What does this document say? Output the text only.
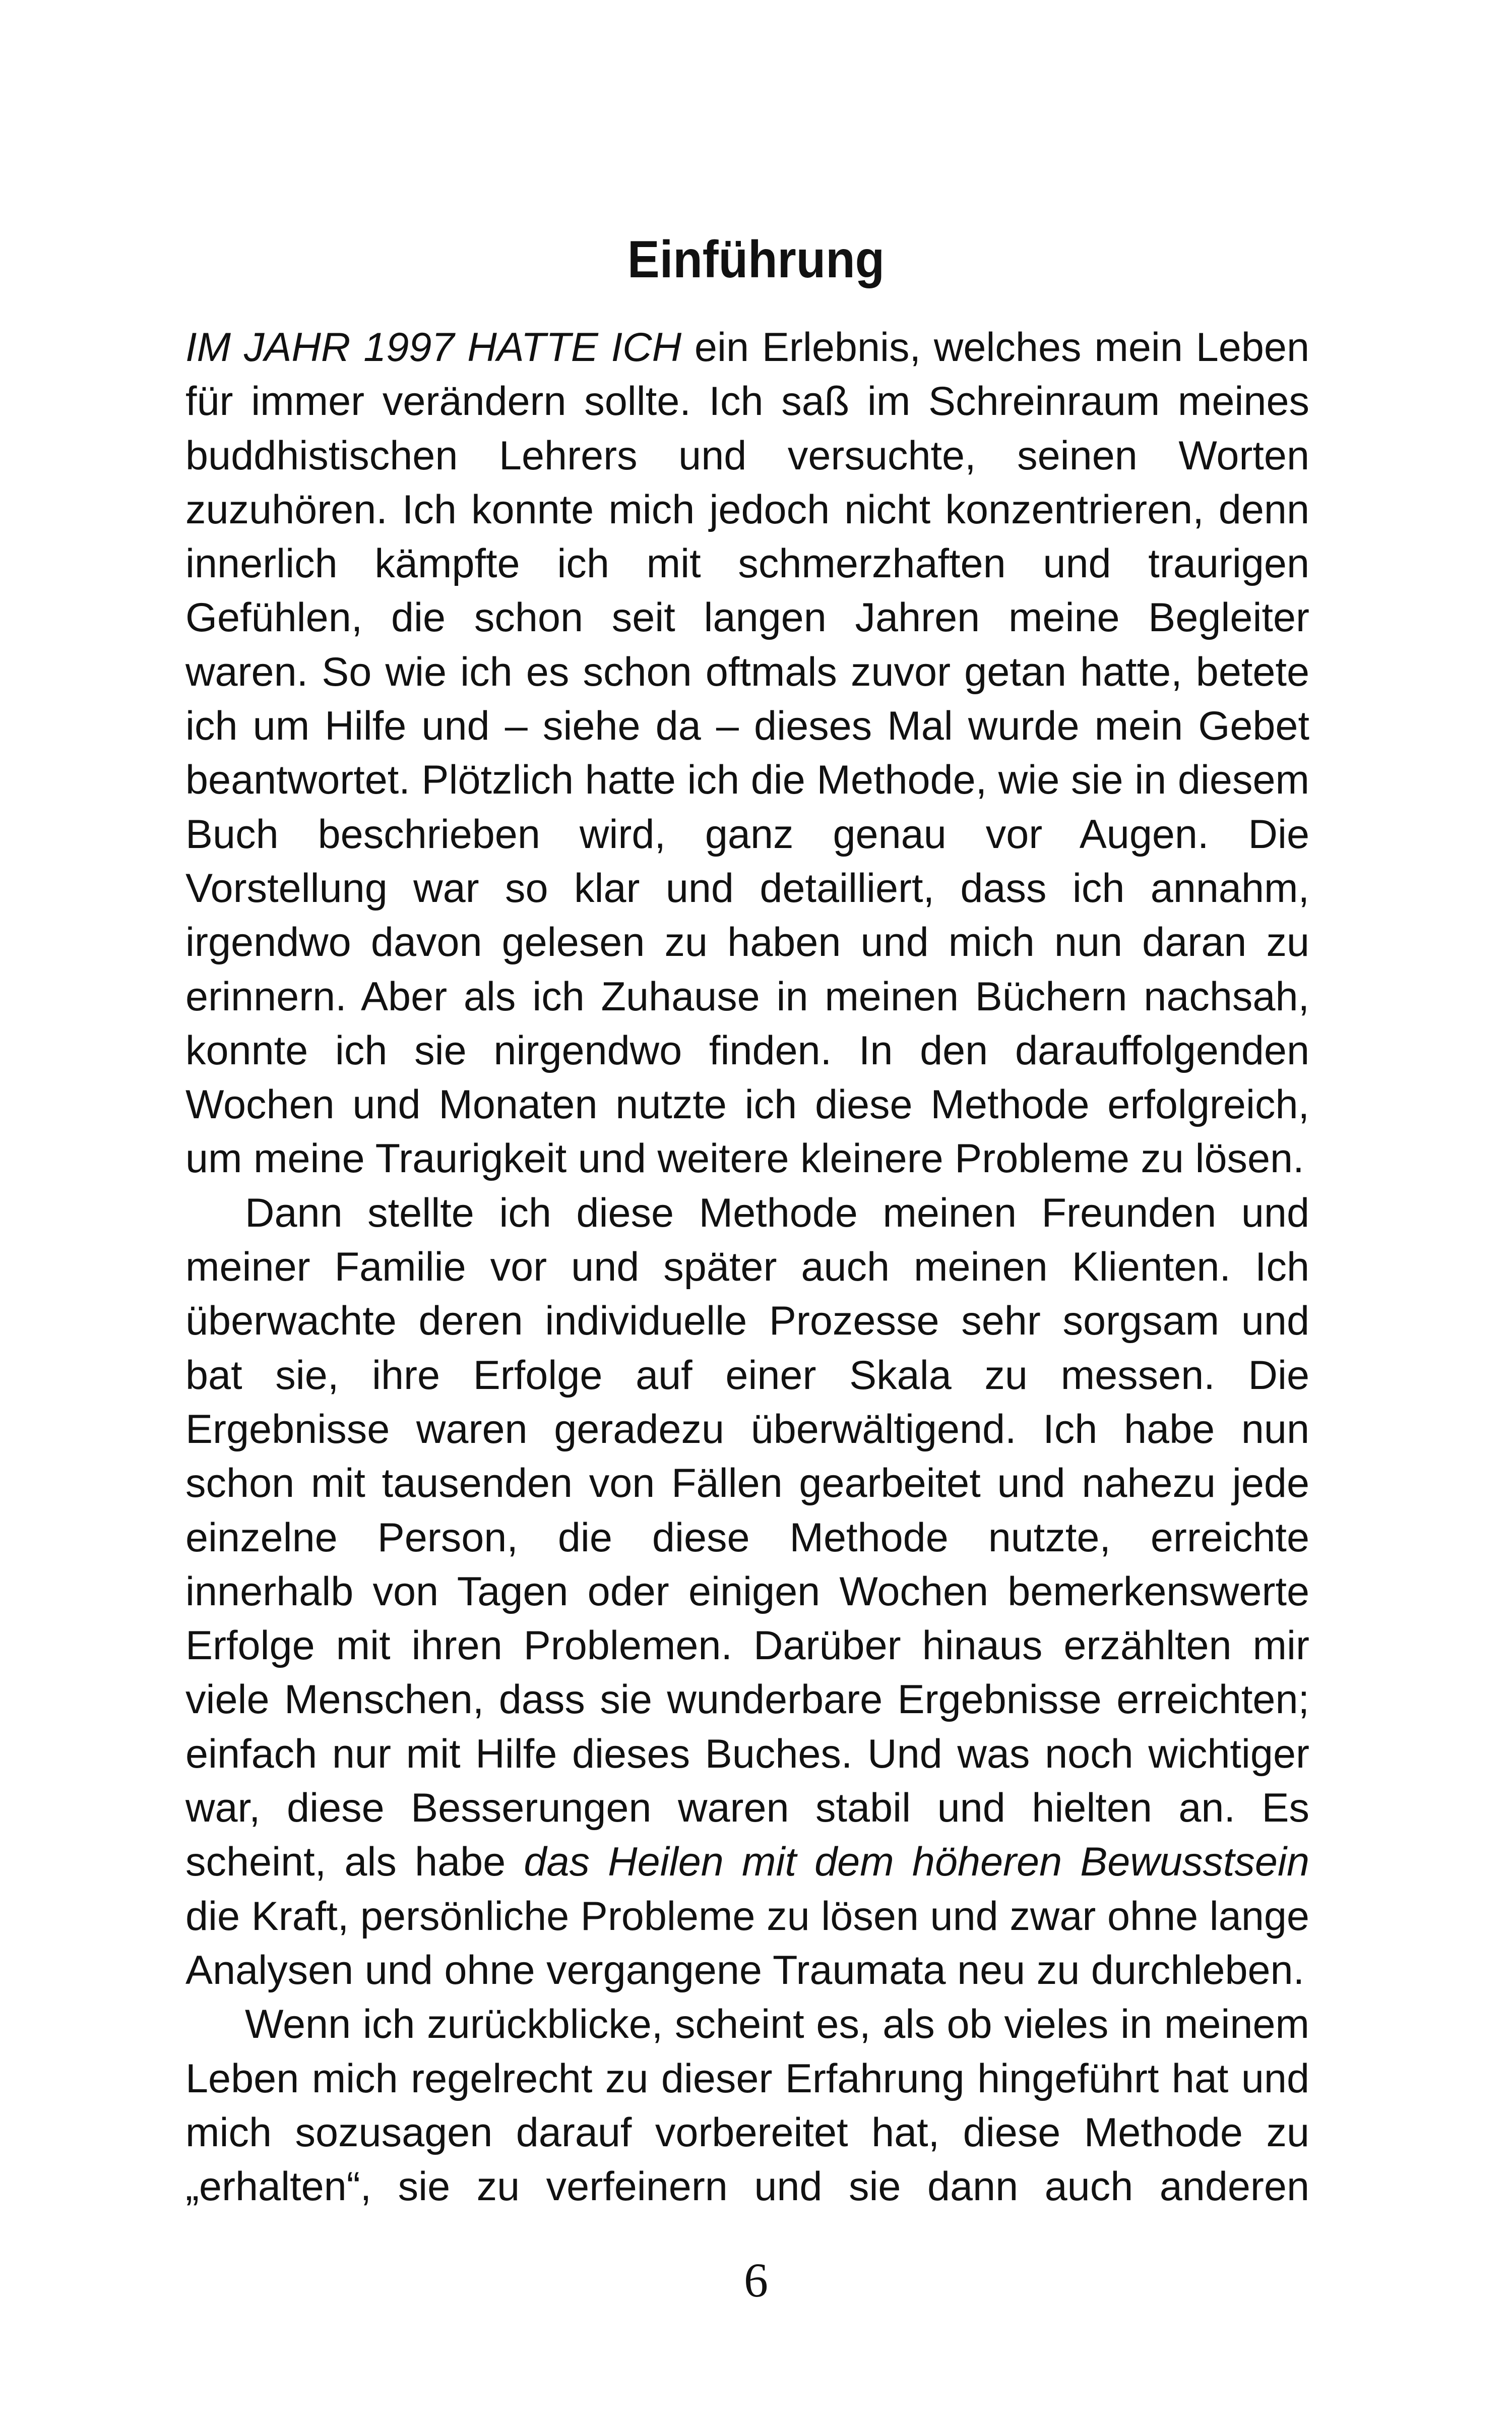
Einführung

IM JAHR 1997 HATTE ICH ein Erlebnis, welches mein Leben für immer verändern sollte. Ich saß im Schreinraum meines buddhistischen Lehrers und versuchte, seinen Worten zuzuhören. Ich konnte mich jedoch nicht konzentrieren, denn innerlich kämpfte ich mit schmerzhaften und traurigen Gefühlen, die schon seit langen Jahren meine Begleiter waren. So wie ich es schon oftmals zuvor getan hatte, betete ich um Hilfe und – siehe da – dieses Mal wurde mein Gebet beantwortet. Plötzlich hatte ich die Methode, wie sie in diesem Buch beschrieben wird, ganz genau vor Augen. Die Vorstellung war so klar und detailliert, dass ich annahm, irgendwo davon gelesen zu haben und mich nun daran zu erinnern. Aber als ich Zuhause in meinen Büchern nachsah, konnte ich sie nirgendwo finden. In den darauffolgenden Wochen und Monaten nutzte ich diese Methode erfolgreich, um meine Traurigkeit und weitere kleinere Probleme zu lösen.

Dann stellte ich diese Methode meinen Freunden und meiner Familie vor und später auch meinen Klienten. Ich überwachte deren individuelle Prozesse sehr sorgsam und bat sie, ihre Erfolge auf einer Skala zu messen. Die Ergebnisse waren geradezu überwältigend. Ich habe nun schon mit tausenden von Fällen gearbeitet und nahezu jede einzelne Person, die diese Methode nutzte, erreichte innerhalb von Tagen oder einigen Wochen bemerkenswerte Erfolge mit ihren Problemen. Darüber hinaus erzählten mir viele Menschen, dass sie wunderbare Ergebnisse erreichten; einfach nur mit Hilfe dieses Buches. Und was noch wichtiger war, diese Besserungen waren stabil und hielten an. Es scheint, als habe das Heilen mit dem höheren Bewusstsein die Kraft, persönliche Probleme zu lösen und zwar ohne lange Analysen und ohne vergangene Traumata neu zu durchleben.

Wenn ich zurückblicke, scheint es, als ob vieles in meinem Leben mich regelrecht zu dieser Erfahrung hingeführt hat und mich sozusagen darauf vorbereitet hat, diese Methode zu „erhalten“, sie zu verfeinern und sie dann auch anderen

6
